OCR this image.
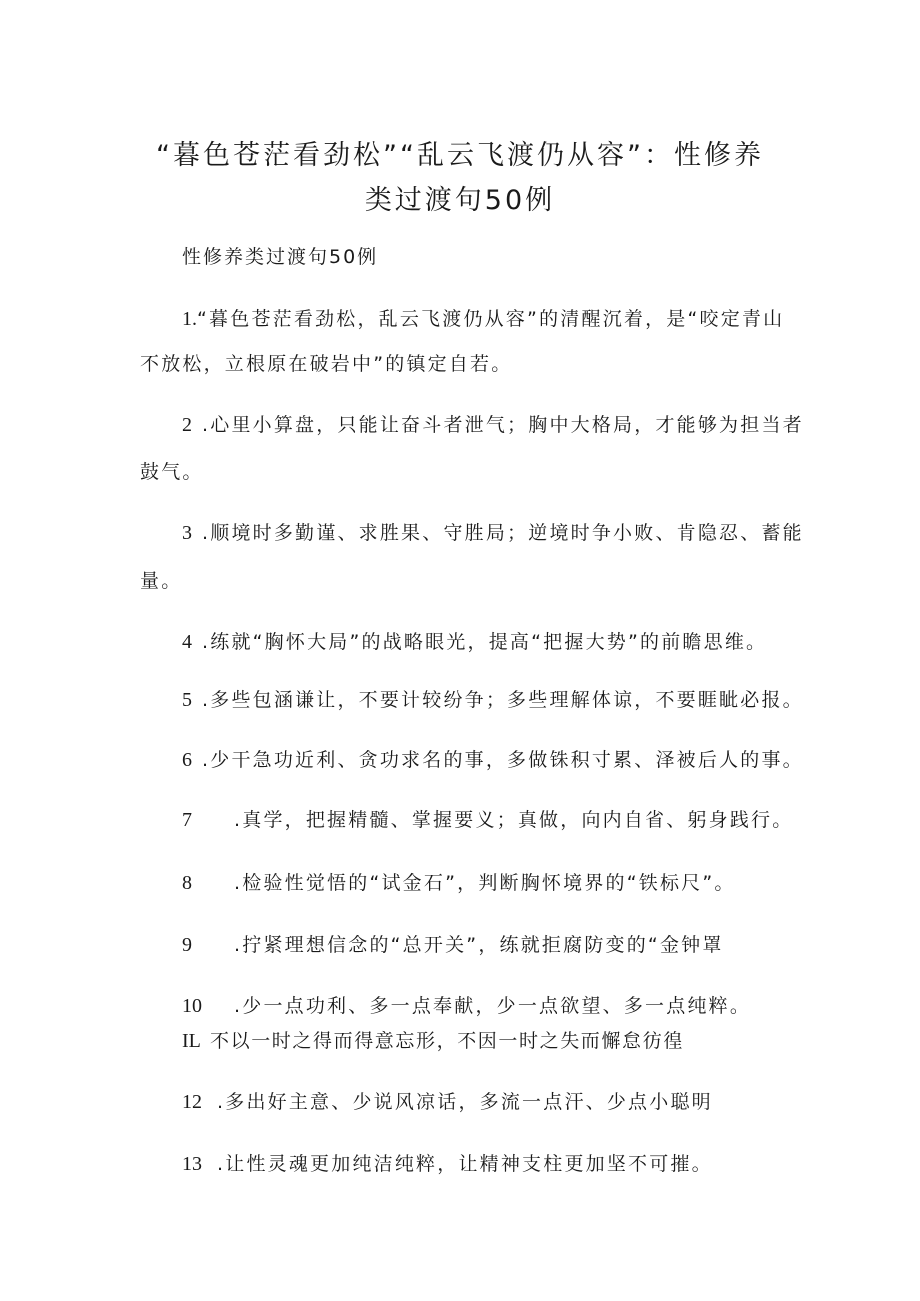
“暮色苍茫看劲松”“乱云飞渡仍从容”：性修养
类过渡句50例
性修养类过渡句50例
1.“暮色苍茫看劲松，乱云飞渡仍从容”的清醒沉着，是“咬定青山
不放松，立根原在破岩中”的镇定自若。
2 .心里小算盘，只能让奋斗者泄气；胸中大格局，才能够为担当者
鼓气。
3 .顺境时多勤谨、求胜果、守胜局；逆境时争小败、肯隐忍、蓄能
量。
4 .练就“胸怀大局”的战略眼光，提高“把握大势”的前瞻思维。
5 .多些包涵谦让，不要计较纷争；多些理解体谅，不要睚眦必报。
6 .少干急功近利、贪功求名的事，多做铢积寸累、泽被后人的事。
7 .真学，把握精髓、掌握要义；真做，向内自省、躬身践行。
8 .检验性觉悟的“试金石”，判断胸怀境界的“铁标尺”。
9 .拧紧理想信念的“总开关”，练就拒腐防变的“金钟罩
10 .少一点功利、多一点奉献，少一点欲望、多一点纯粹。
IL 不以一时之得而得意忘形，不因一时之失而懈怠彷徨
12 .多出好主意、少说风凉话，多流一点汗、少点小聪明
13 .让性灵魂更加纯洁纯粹，让精神支柱更加坚不可摧。
